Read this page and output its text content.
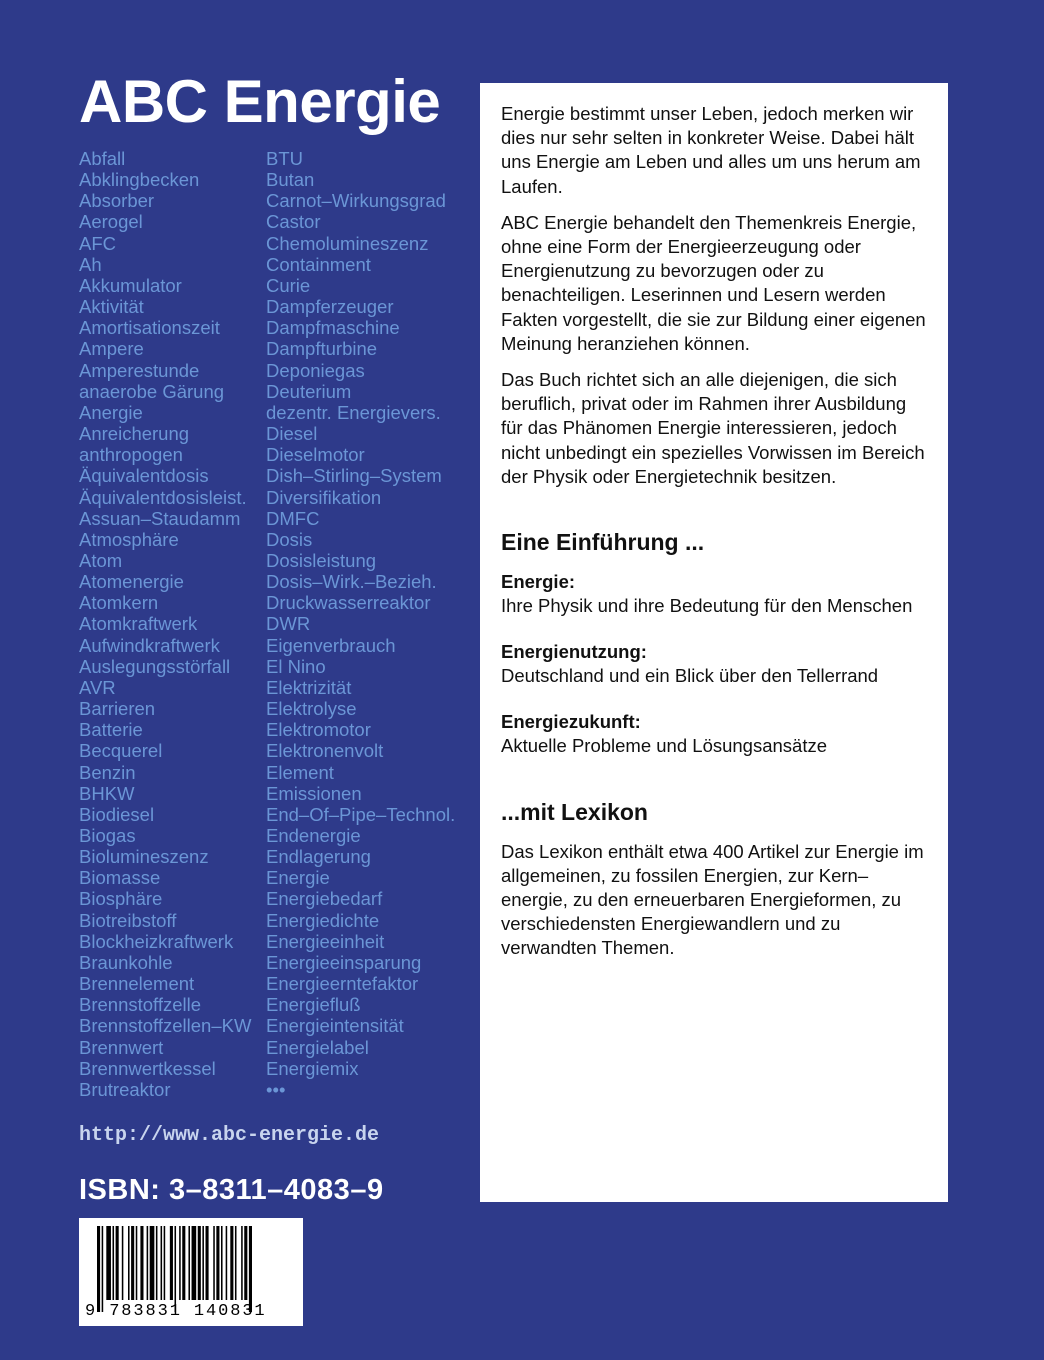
ABC Energie
Abfall
Abklingbecken
Absorber
Aerogel
AFC
Ah
Akkumulator
Aktivität
Amortisationszeit
Ampere
Amperestunde
anaerobe Gärung
Anergie
Anreicherung
anthropogen
Äquivalentdosis
Äquivalentdosisleist.
Assuan–Staudamm
Atmosphäre
Atom
Atomenergie
Atomkern
Atomkraftwerk
Aufwindkraftwerk
Auslegungsstörfall
AVR
Barrieren
Batterie
Becquerel
Benzin
BHKW
Biodiesel
Biogas
Biolumineszenz
Biomasse
Biosphäre
Biotreibstoff
Blockheizkraftwerk
Braunkohle
Brennelement
Brennstoffzelle
Brennstoffzellen–KW
Brennwert
Brennwertkessel
Brutreaktor
BTU
Butan
Carnot–Wirkungsgrad
Castor
Chemolumineszenz
Containment
Curie
Dampferzeuger
Dampfmaschine
Dampfturbine
Deponiegas
Deuterium
dezentr. Energievers.
Diesel
Dieselmotor
Dish–Stirling–System
Diversifikation
DMFC
Dosis
Dosisleistung
Dosis–Wirk.–Bezieh.
Druckwasserreaktor
DWR
Eigenverbrauch
El Nino
Elektrizität
Elektrolyse
Elektromotor
Elektronenvolt
Element
Emissionen
End–Of–Pipe–Technol.
Endenergie
Endlagerung
Energie
Energiebedarf
Energiedichte
Energieeinheit
Energieeinsparung
Energieerntefaktor
Energiefluß
Energieintensität
Energielabel
Energiemix
•••
http://www.abc-energie.de
ISBN: 3–8311–4083–9
9 783831 140831

Energie bestimmt unser Leben, jedoch merken wir dies nur sehr selten in konkreter Weise. Dabei hält uns Energie am Leben und alles um uns herum am Laufen.

ABC Energie behandelt den Themenkreis Energie, ohne eine Form der Energieerzeugung oder Energienutzung zu bevorzugen oder zu benachteiligen. Leserinnen und Lesern werden Fakten vorgestellt, die sie zur Bildung einer eigenen Meinung heranziehen können.

Das Buch richtet sich an alle diejenigen, die sich beruflich, privat oder im Rahmen ihrer Ausbildung für das Phänomen Energie interessieren, jedoch nicht unbedingt ein spezielles Vorwissen im Bereich der Physik oder Energietechnik besitzen.

Eine Einführung ...
Energie:
Ihre Physik und ihre Bedeutung für den Menschen
Energienutzung:
Deutschland und ein Blick über den Tellerrand
Energiezukunft:
Aktuelle Probleme und Lösungsansätze
...mit Lexikon

Das Lexikon enthält etwa 400 Artikel zur Energie im allgemeinen, zu fossilen Energien, zur Kern–energie, zu den erneuerbaren Energieformen, zu verschiedensten Energiewandlern und zu verwandten Themen.
